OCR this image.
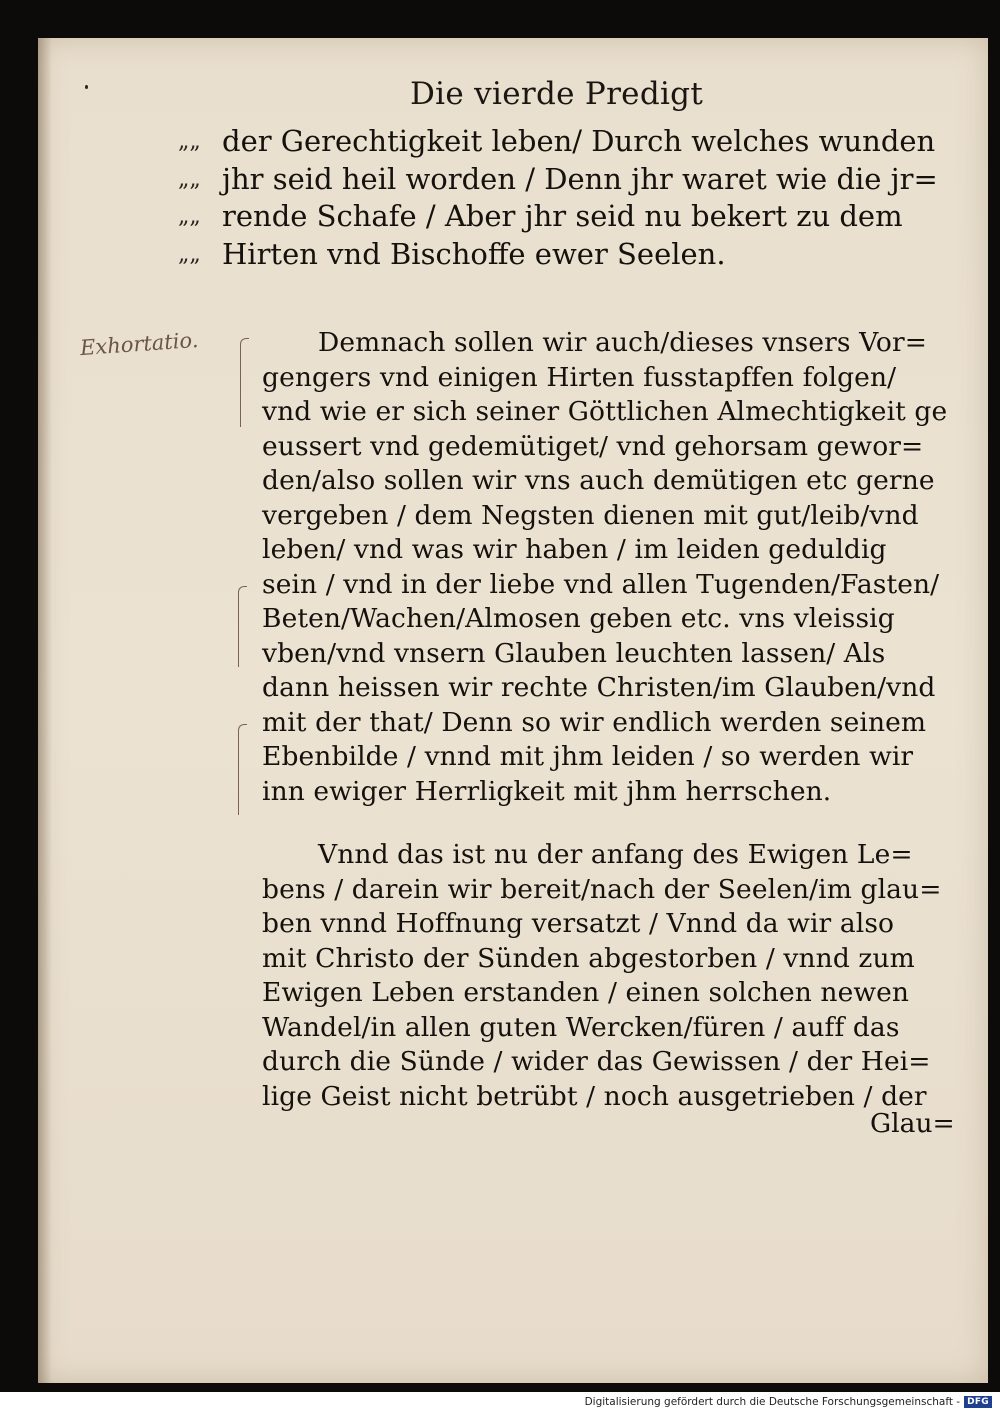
Die vierde Predigt
„„ der Gerechtigkeit leben/ Durch welches wunden
„„ jhr seid heil worden / Denn jhr waret wie die jr=
„„ rende Schafe / Aber jhr seid nu bekert zu dem
„„ Hirten vnd Bischoffe ewer Seelen.
Exhortatio.	Demnach sollen wir auch/dieses vnsers Vor=
gengers vnd einigen Hirten fusstapffen folgen/
vnd wie er sich seiner Göttlichen Almechtigkeit ge
eussert vnd gedemütiget/ vnd gehorsam gewor=
den/also sollen wir vns auch demütigen etc gerne
vergeben / dem Negsten dienen mit gut/leib/vnd
leben/ vnd was wir haben / im leiden geduldig
sein / vnd in der liebe vnd allen Tugenden/Fasten/
Beten/Wachen/Almosen geben etc. vns vleissig
vben/vnd vnsern Glauben leuchten lassen/ Als
dann heissen wir rechte Christen/im Glauben/vnd
mit der that/ Denn so wir endlich werden seinem
Ebenbilde / vnnd mit jhm leiden / so werden wir
inn ewiger Herrligkeit mit jhm herrschen.
Vnnd das ist nu der anfang des Ewigen Le=
bens / darein wir bereit/nach der Seelen/im glau=
ben vnnd Hoffnung versatzt / Vnnd da wir also
mit Christo der Sünden abgestorben / vnnd zum
Ewigen Leben erstanden / einen solchen newen
Wandel/in allen guten Wercken/füren / auff das
durch die Sünde / wider das Gewissen / der Hei=
lige Geist nicht betrübt / noch ausgetrieben / der
Glau=
Digitalisierung gefördert durch die Deutsche Forschungsgemeinschaft - DFG
